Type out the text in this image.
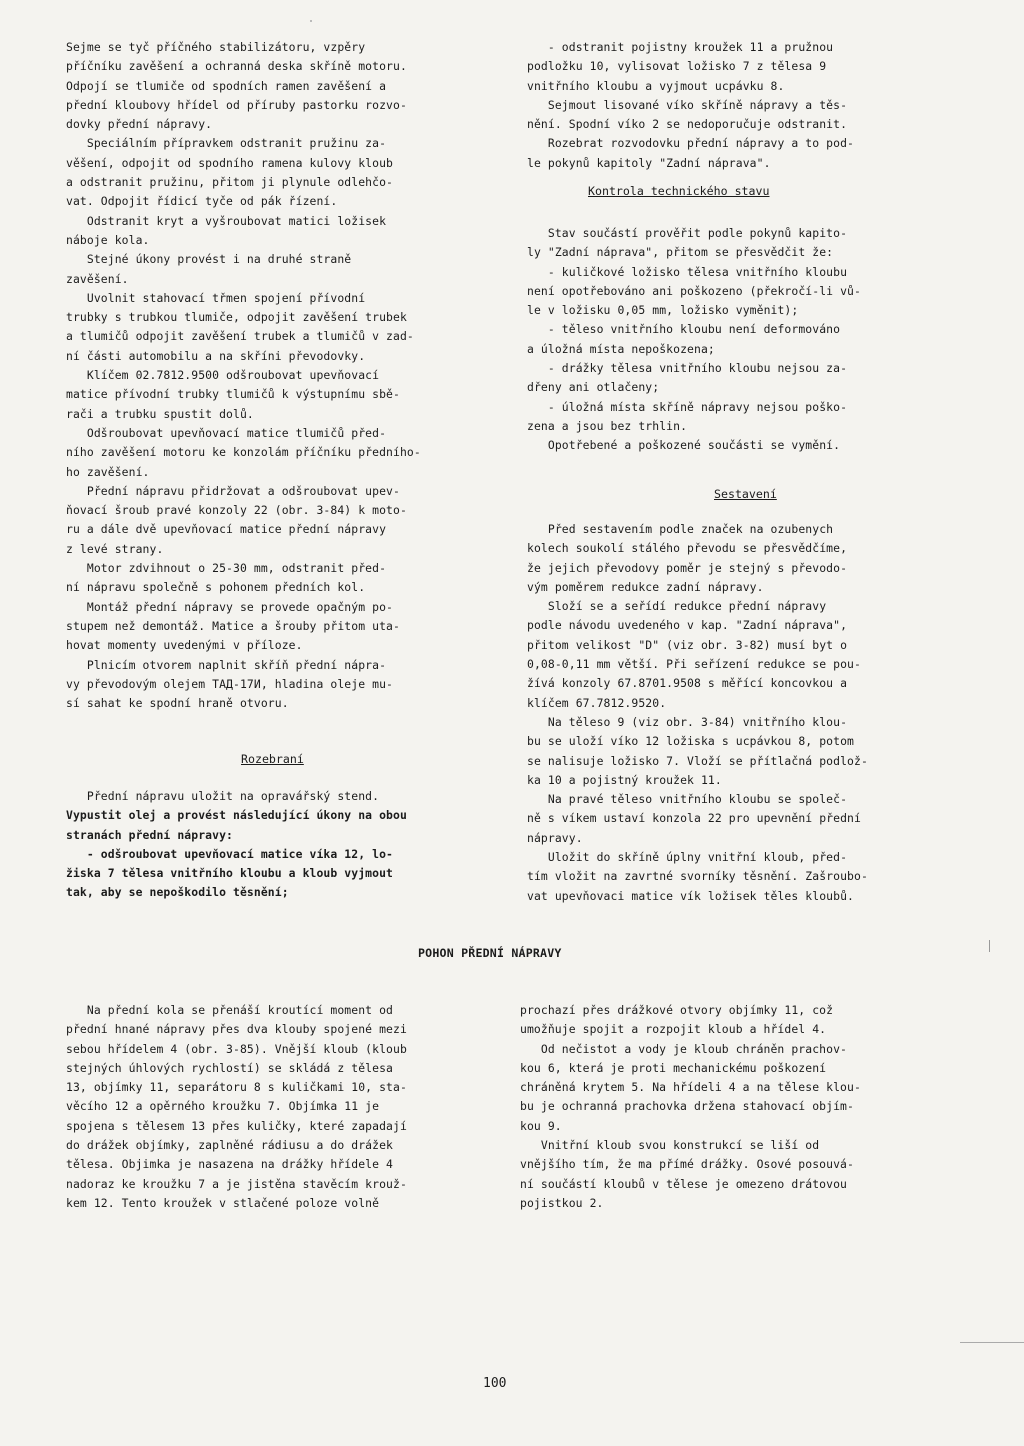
Sejme se tyč příčného stabilizátoru, vzpěry

příčníku zavěšení a ochranná deska skříně motoru.

Odpojí se tlumiče od spodních ramen zavěšení a

přední kloubovy hřídel od příruby pastorku rozvo-

dovky přední nápravy.

Speciálním přípravkem odstranit pružinu za-

věšení, odpojit od spodního ramena kulovy kloub

a odstranit pružinu, přitom ji plynule odlehčo-

vat. Odpojit řídicí tyče od pák řízení.

Odstranit kryt a vyšroubovat matici ložisek

náboje kola.

Stejné úkony provést i na druhé straně

zavěšení.

Uvolnit stahovací třmen spojení přívodní

trubky s trubkou tlumiče, odpojit zavěšení trubek

a tlumičů odpojit zavěšení trubek a tlumičů v zad-

ní části automobilu a na skříni převodovky.

Klíčem 02.7812.9500 odšroubovat upevňovací

matice přívodní trubky tlumičů k výstupnímu sbě-

rači a trubku spustit dolů.

Odšroubovat upevňovací matice tlumičů před-

ního zavěšení motoru ke konzolám příčníku předního-

ho zavěšení.

Přední nápravu přidržovat a odšroubovat upev-

ňovací šroub pravé konzoly 22 (obr. 3-84) k moto-

ru a dále dvě upevňovací matice přední nápravy

z levé strany.

Motor zdvihnout o 25-30 mm, odstranit před-

ní nápravu společně s pohonem předních kol.

Montáž přední nápravy se provede opačným po-

stupem než demontáž. Matice a šrouby přitom uta-

hovat momenty uvedenými v příloze.

Plnicím otvorem naplnit skříň přední nápra-

vy převodovým olejem ТАД-17И, hladina oleje mu-

sí sahat ke spodní hraně otvoru.

Rozebraní

Přední nápravu uložit na opravářský stend.

Vypustit olej a provést následující úkony na obou

stranách přední nápravy:

- odšroubovat upevňovací matice víka 12, lo-

žiska 7 tělesa vnitřního kloubu a kloub vyjmout

tak, aby se nepoškodilo těsnění;

- odstranit pojistny kroužek 11 a pružnou

podložku 10, vylisovat ložisko 7 z tělesa 9

vnitřního kloubu a vyjmout ucpávku 8.

Sejmout lisované víko skříně nápravy a těs-

nění. Spodní víko 2 se nedoporučuje odstranit.

Rozebrat rozvodovku přední nápravy a to pod-

le pokynů kapitoly "Zadní náprava".

Kontrola technického stavu

Stav součástí prověřit podle pokynů kapito-

ly "Zadní náprava", přitom se přesvědčit že:

- kuličkové ložisko tělesa vnitřního kloubu

není opotřebováno ani poškozeno (překročí-li vů-

le v ložisku 0,05 mm, ložisko vyměnit);

- těleso vnitřního kloubu není deformováno

a úložná místa nepoškozena;

- drážky tělesa vnitřního kloubu nejsou za-

dřeny ani otlačeny;

- úložná místa skříně nápravy nejsou poško-

zena a jsou bez trhlin.

Opotřebené a poškozené součásti se vymění.

Sestavení

Před sestavením podle značek na ozubenych

kolech soukolí stálého převodu se přesvědčíme,

že jejich převodovy poměr je stejný s převodo-

vým poměrem redukce zadní nápravy.

Složí se a seřídí redukce přední nápravy

podle návodu uvedeného v kap. "Zadní náprava",

přitom velikost "D" (viz obr. 3-82) musí byt o

0,08-0,11 mm větší. Při seřízení redukce se pou-

žívá konzoly 67.8701.9508 s měřící koncovkou a

klíčem 67.7812.9520.

Na těleso 9 (viz obr. 3-84) vnitřního klou-

bu se uloží víko 12 ložiska s ucpávkou 8, potom

se nalisuje ložisko 7. Vloží se přítlačná podlož-

ka 10 a pojistný kroužek 11.

Na pravé těleso vnitřního kloubu se společ-

ně s víkem ustaví konzola 22 pro upevnění přední

nápravy.

Uložit do skříně úplny vnitřní kloub, před-

tím vložit na zavrtné svorníky těsnění. Zašroubo-

vat upevňovaci matice vík ložisek těles kloubů.

POHON PŘEDNÍ NÁPRAVY

Na přední kola se přenáší kroutící moment od

přední hnané nápravy přes dva klouby spojené mezi

sebou hřídelem 4 (obr. 3-85). Vnější kloub (kloub

stejných úhlových rychlostí) se skládá z tělesa

13, objímky 11, separátoru 8 s kuličkami 10, sta-

věcího 12 a opěrného kroužku 7. Objímka 11 je

spojena s tělesem 13 přes kuličky, které zapadají

do drážek objímky, zaplněné rádiusu a do drážek

tělesa. Objimka je nasazena na drážky hřídele 4

nadoraz ke kroužku 7 a je jistěna stavěcím krouž-

kem 12. Tento kroužek v stlačené poloze volně

prochazí přes drážkové otvory objímky 11, což

umožňuje spojit a rozpojit kloub a hřídel 4.

Od nečistot a vody je kloub chráněn prachov-

kou 6, která je proti mechanickému poškození

chráněná krytem 5. Na hřídeli 4 a na tělese klou-

bu je ochranná prachovka držena stahovací objím-

kou 9.

Vnitřní kloub svou konstrukcí se liší od

vnějšího tím, že ma přímé drážky. Osové posouvá-

ní součástí kloubů v tělese je omezeno drátovou

pojistkou 2.

100
